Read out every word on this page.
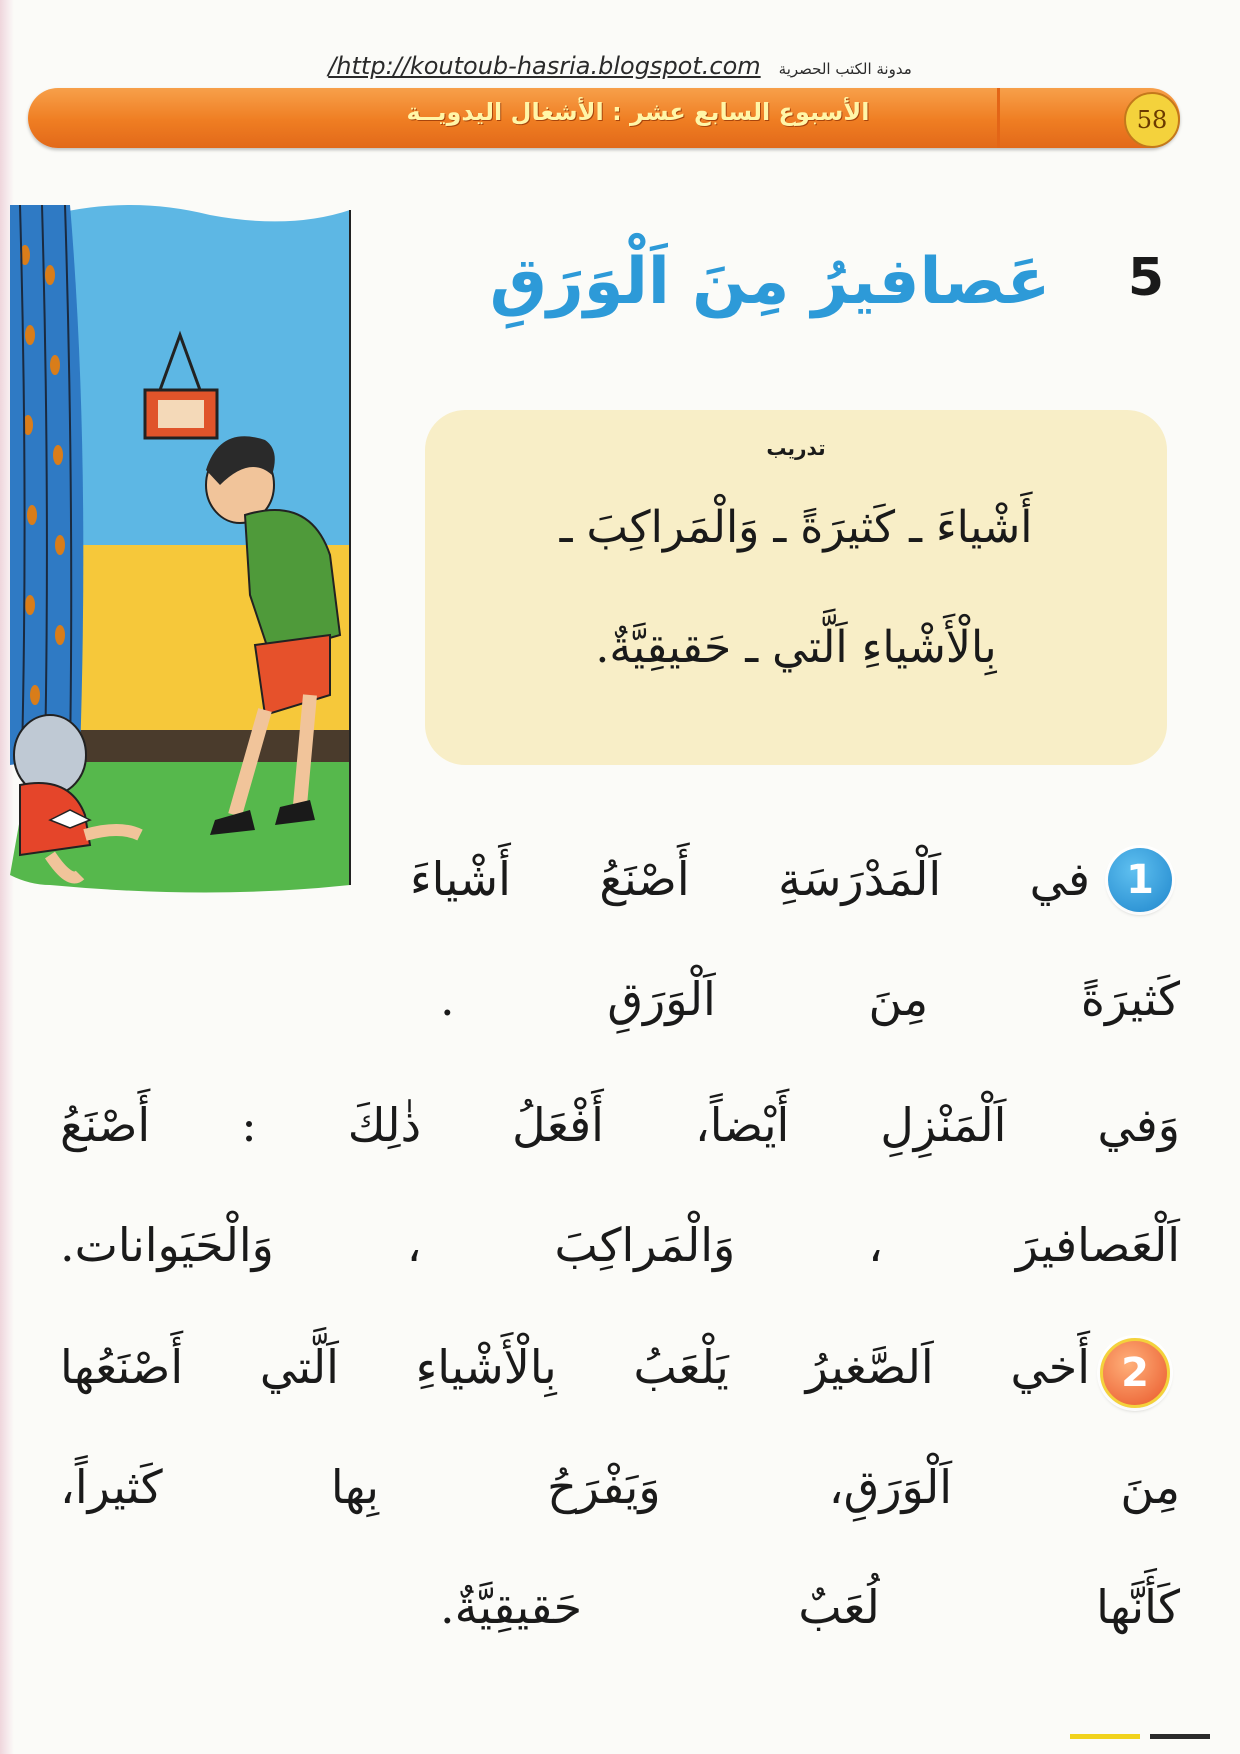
/http://koutoub-hasria.blogspot.com مدونة الكتب الحصرية
الأسبوع السابع عشر : الأشغال اليدويــة	58
5
عَصافيرُ مِنَ اَلْوَرَقِ
تدريب
أَشْياءَ ـ كَثيرَةً ـ وَالْمَراكِبَ ـ
بِالْأَشْياءِ اَلَّتي ـ حَقيقِيَّةٌ.
1
في اَلْمَدْرَسَةِ أَصْنَعُ أَشْياءَ
كَثيرَةً مِنَ اَلْوَرَقِ .
وَفي اَلْمَنْزِلِ أَيْضاً، أَفْعَلُ ذٰلِكَ : أَصْنَعُ
اَلْعَصافيرَ ، وَالْمَراكِبَ ، وَالْحَيَوانات.
2
أَخي اَلصَّغيرُ يَلْعَبُ بِالْأَشْياءِ اَلَّتي أَصْنَعُها
مِنَ اَلْوَرَقِ، وَيَفْرَحُ بِها كَثيراً،
كَأَنَّها لُعَبٌ حَقيقِيَّةٌ.
